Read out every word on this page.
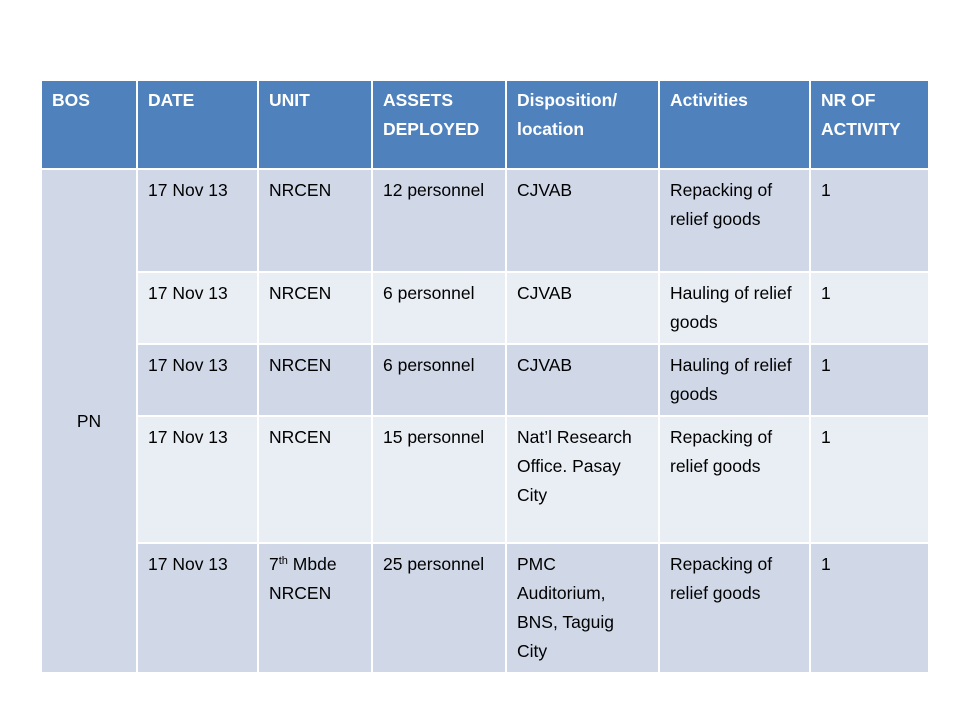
BOS	DATE	UNIT	ASSETS DEPLOYED	Disposition/ location	Activities	NR OF ACTIVITY
PN	17 Nov 13	NRCEN	12 personnel	CJVAB	Repacking of relief goods	1
	17 Nov 13	NRCEN	6 personnel	CJVAB	Hauling of relief goods	1
	17 Nov 13	NRCEN	6 personnel	CJVAB	Hauling of relief goods	1
	17 Nov 13	NRCEN	15 personnel	Nat’l Research Office. Pasay City	Repacking of relief goods	1
	17 Nov 13	7th Mbde NRCEN	25 personnel	PMC Auditorium, BNS, Taguig City	Repacking of relief goods	1
